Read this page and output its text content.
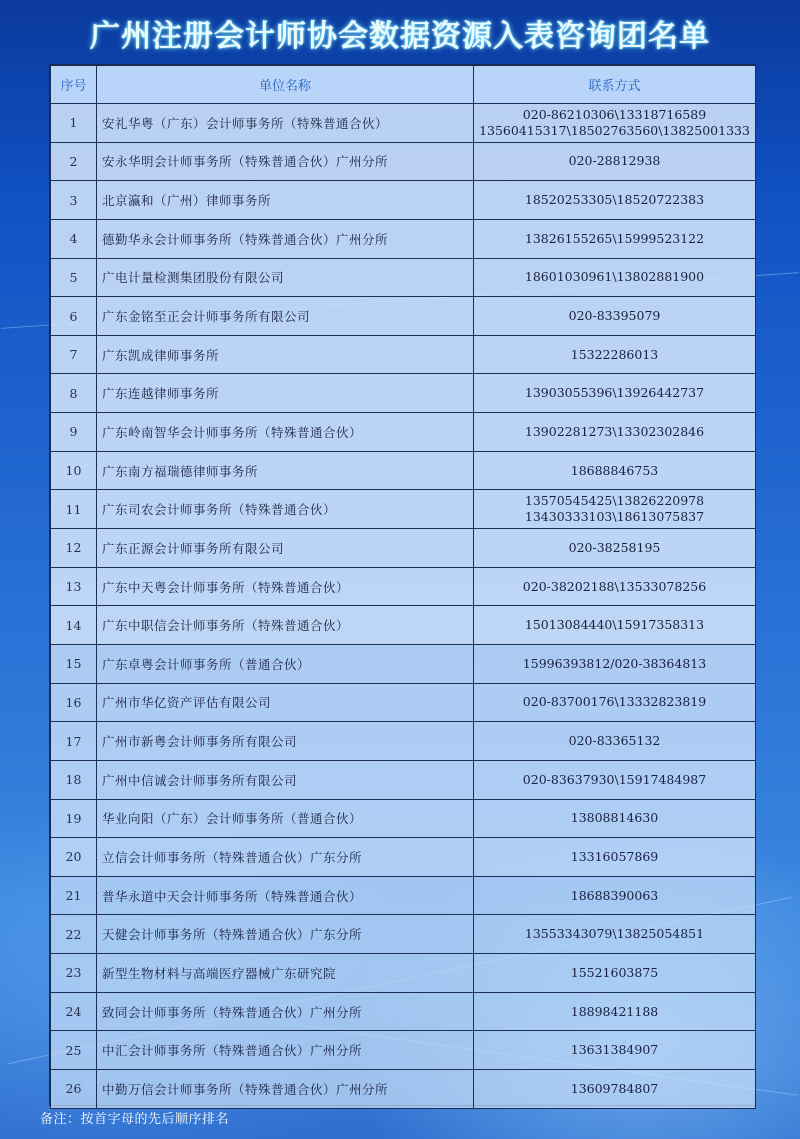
广州注册会计师协会数据资源入表咨询团名单
序号	单位名称	联系方式
1	安礼华粤（广东）会计师事务所（特殊普通合伙）	020-86210306\13318716589
13560415317\18502763560\13825001333

2	安永华明会计师事务所（特殊普通合伙）广州分所	020-28812938

3	北京瀛和（广州）律师事务所	18520253305\18520722383

4	德勤华永会计师事务所（特殊普通合伙）广州分所	13826155265\15999523122

5	广电计量检测集团股份有限公司	18601030961\13802881900

6	广东金铭至正会计师事务所有限公司	020-83395079

7	广东凯成律师事务所	15322286013

8	广东连越律师事务所	13903055396\13926442737

9	广东岭南智华会计师事务所（特殊普通合伙）	13902281273\13302302846

10	广东南方福瑞德律师事务所	18688846753

11	广东司农会计师事务所（特殊普通合伙）	13570545425\13826220978
13430333103\18613075837

12	广东正源会计师事务所有限公司	020-38258195

13	广东中天粤会计师事务所（特殊普通合伙）	020-38202188\13533078256

14	广东中职信会计师事务所（特殊普通合伙）	15013084440\15917358313

15	广东卓粤会计师事务所（普通合伙）	15996393812/020-38364813

16	广州市华亿资产评估有限公司	020-83700176\13332823819

17	广州市新粤会计师事务所有限公司	020-83365132

18	广州中信诚会计师事务所有限公司	020-83637930\15917484987

19	华业向阳（广东）会计师事务所（普通合伙）	13808814630

20	立信会计师事务所（特殊普通合伙）广东分所	13316057869

21	普华永道中天会计师事务所（特殊普通合伙）	18688390063

22	天健会计师事务所（特殊普通合伙）广东分所	13553343079\13825054851

23	新型生物材料与高端医疗器械广东研究院	15521603875

24	致同会计师事务所（特殊普通合伙）广州分所	18898421188

25	中汇会计师事务所（特殊普通合伙）广州分所	13631384907

26	中勤万信会计师事务所（特殊普通合伙）广州分所	13609784807
备注：按首字母的先后顺序排名
